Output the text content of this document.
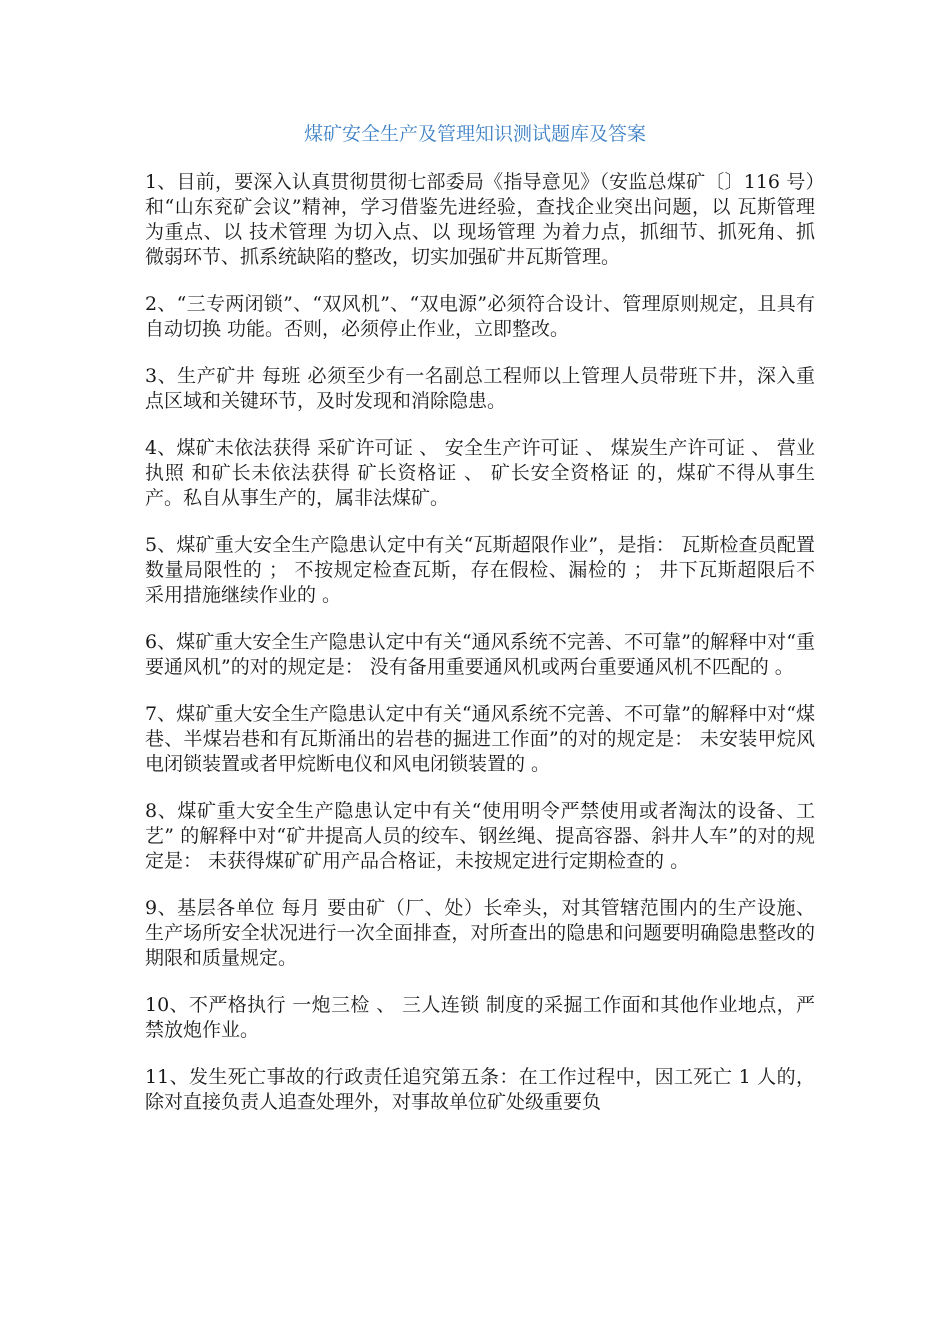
煤矿安全生产及管理知识测试题库及答案

1、目前，要深入认真贯彻贯彻七部委局《指导意见》（安监总煤矿〔〕116 号）和“山东兖矿会议”精神，学习借鉴先进经验，查找企业突出问题，以 瓦斯管理 为重点、以 技术管理 为切入点、以 现场管理 为着力点，抓细节、抓死角、抓微弱环节、抓系统缺陷的整改，切实加强矿井瓦斯管理。

2、“三专两闭锁”、“双风机”、“双电源”必须符合设计、管理原则规定，且具有 自动切换 功能。否则，必须停止作业，立即整改。

3、生产矿井 每班 必须至少有一名副总工程师以上管理人员带班下井，深入重点区域和关键环节，及时发现和消除隐患。

4、煤矿未依法获得 采矿许可证 、 安全生产许可证 、 煤炭生产许可证 、 营业执照 和矿长未依法获得 矿长资格证 、 矿长安全资格证 的，煤矿不得从事生产。私自从事生产的，属非法煤矿。

5、煤矿重大安全生产隐患认定中有关“瓦斯超限作业”，是指： 瓦斯检查员配置数量局限性的 ； 不按规定检查瓦斯，存在假检、漏检的 ； 井下瓦斯超限后不采用措施继续作业的 。

6、煤矿重大安全生产隐患认定中有关“通风系统不完善、不可靠”的解释中对“重要通风机”的对的规定是： 没有备用重要通风机或两台重要通风机不匹配的 。

7、煤矿重大安全生产隐患认定中有关“通风系统不完善、不可靠”的解释中对“煤巷、半煤岩巷和有瓦斯涌出的岩巷的掘进工作面”的对的规定是： 未安装甲烷风电闭锁装置或者甲烷断电仪和风电闭锁装置的 。

8、煤矿重大安全生产隐患认定中有关“使用明令严禁使用或者淘汰的设备、工艺” 的解释中对“矿井提高人员的绞车、钢丝绳、提高容器、斜井人车”的对的规定是： 未获得煤矿矿用产品合格证，未按规定进行定期检查的 。

9、基层各单位 每月 要由矿（厂、处）长牵头，对其管辖范围内的生产设施、生产场所安全状况进行一次全面排查，对所查出的隐患和问题要明确隐患整改的期限和质量规定。

10、不严格执行 一炮三检 、 三人连锁 制度的采掘工作面和其他作业地点，严禁放炮作业。

11、发生死亡事故的行政责任追究第五条：在工作过程中，因工死亡 1 人的，除对直接负责人追查处理外，对事故单位矿处级重要负
